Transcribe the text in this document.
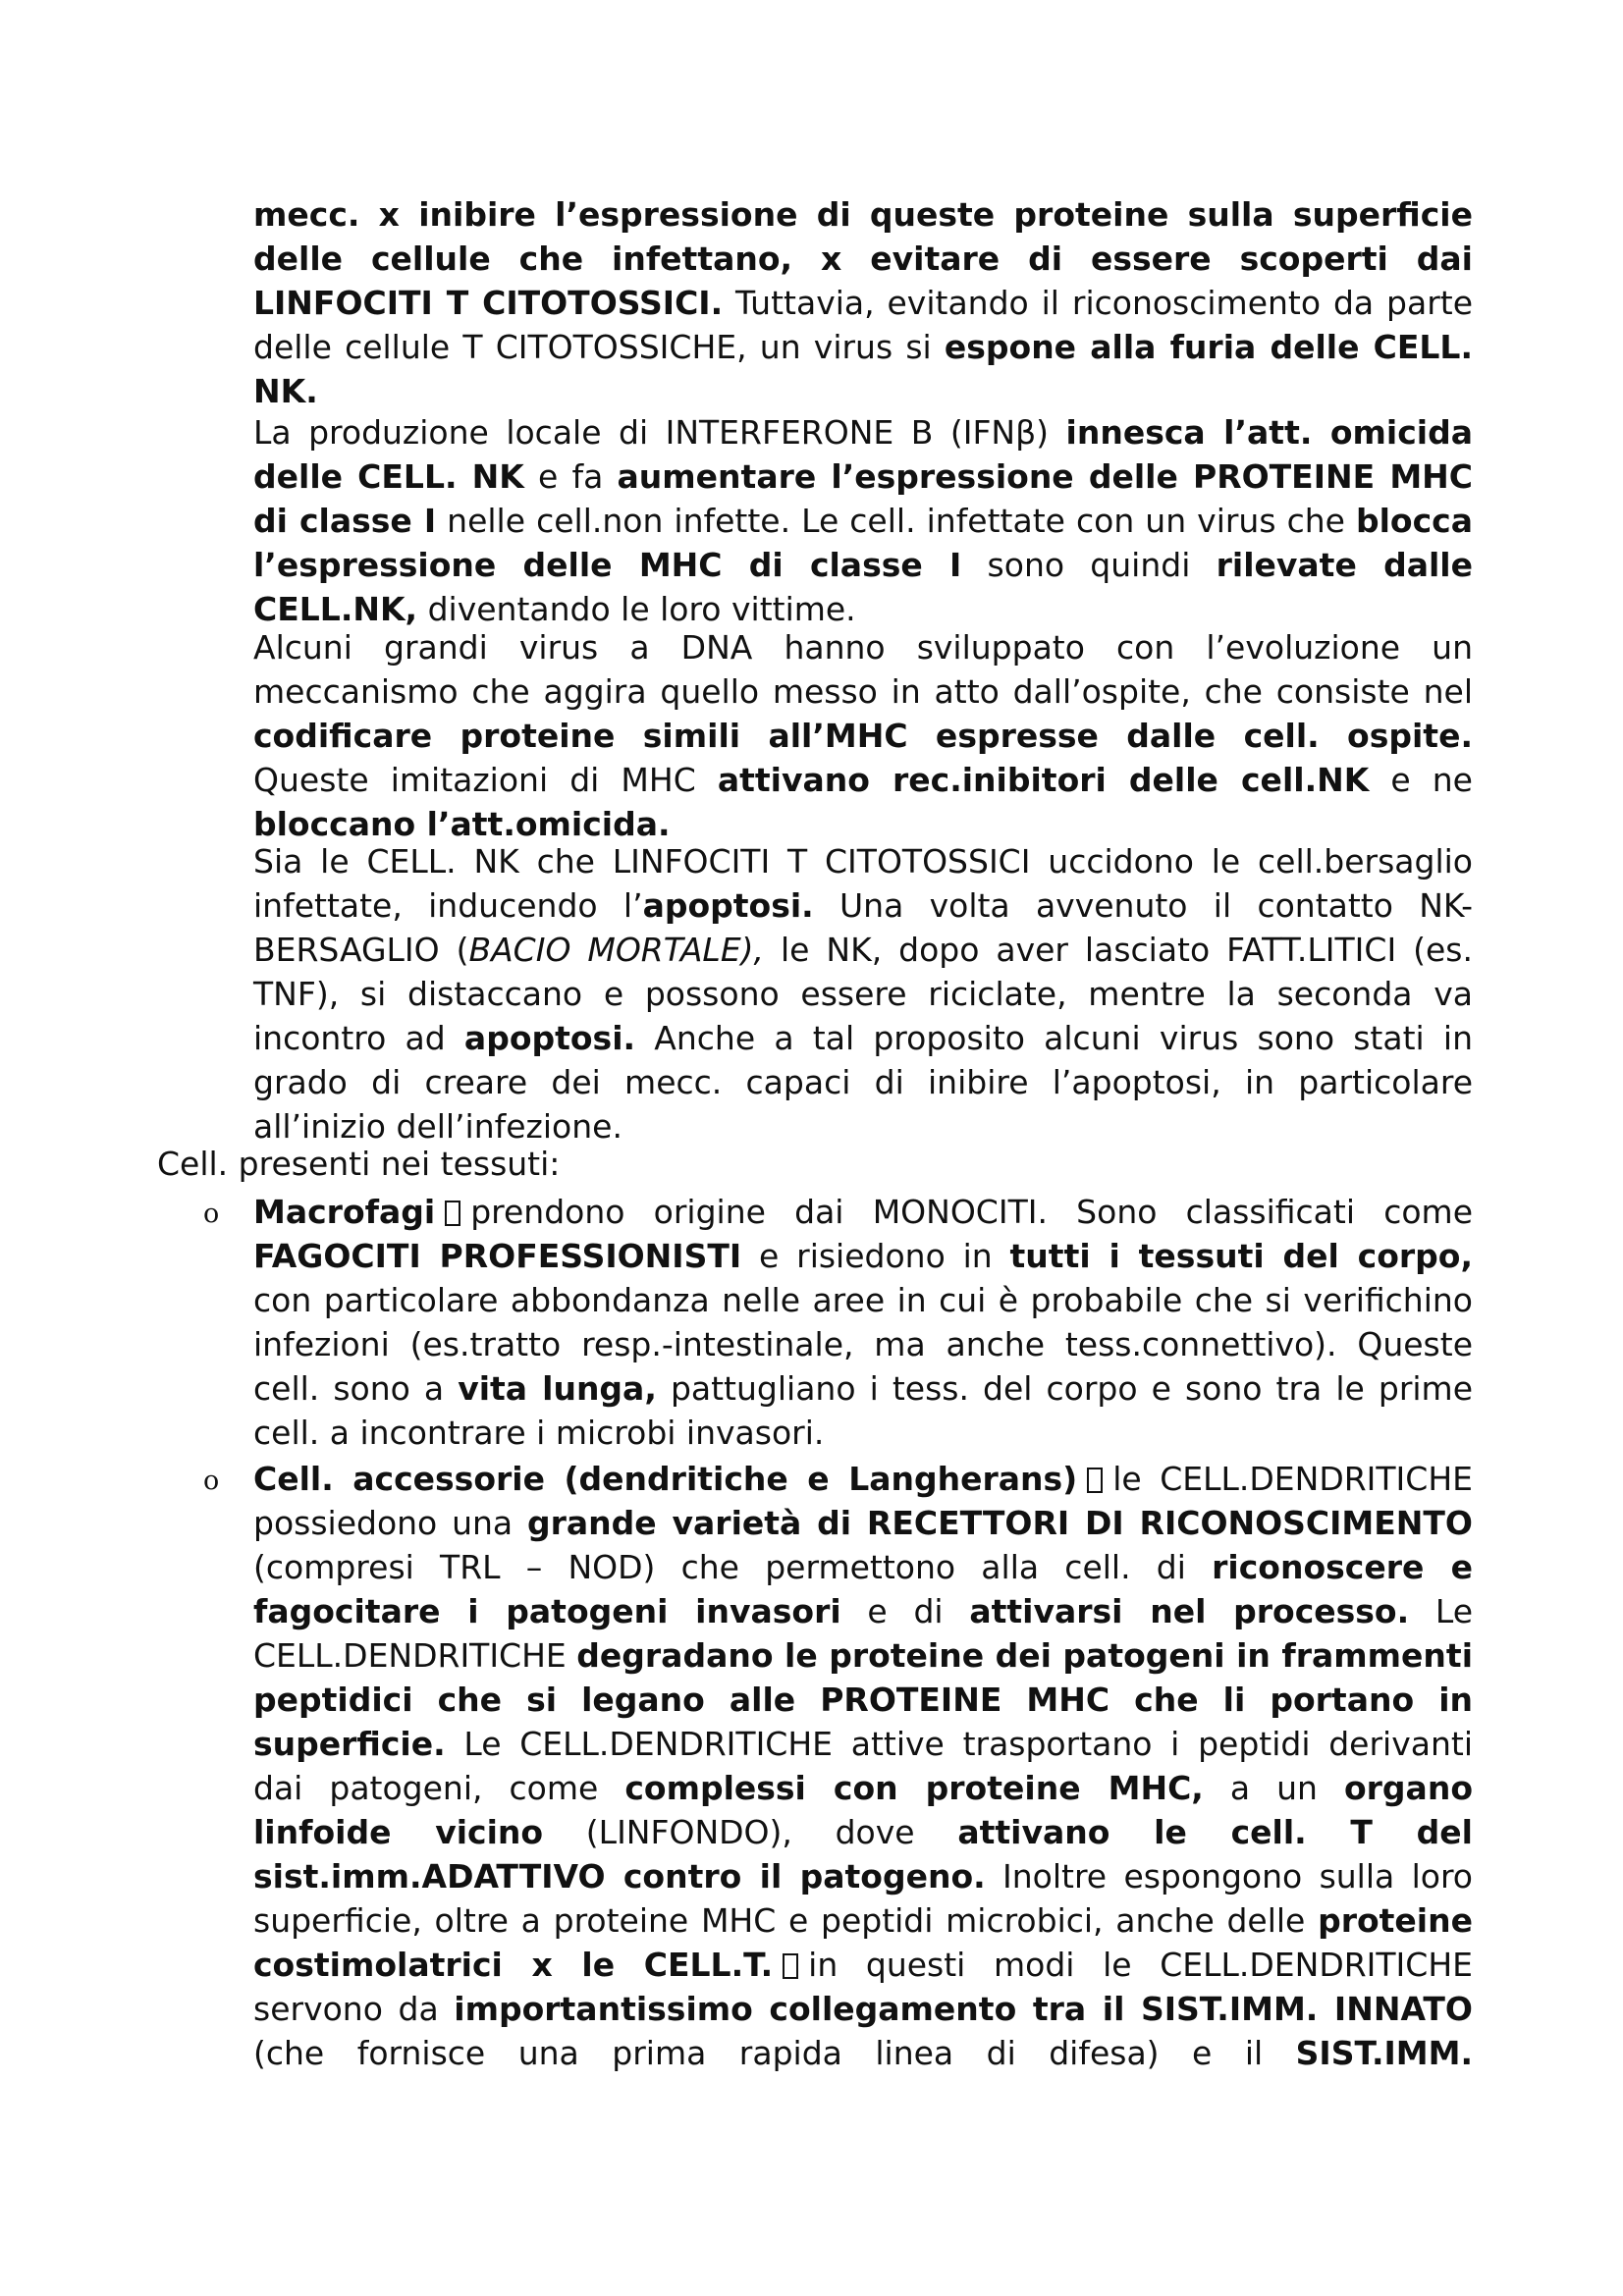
mecc. x inibire l’espressione di queste proteine sulla superficie delle cellule che infettano, x evitare di essere scoperti dai LINFOCITI T CITOTOSSICI. Tuttavia, evitando il riconoscimento da parte delle cellule T CITOTOSSICHE, un virus si espone alla furia delle CELL. NK.

La produzione locale di INTERFERONE B (IFNβ) innesca l’att. omicida delle CELL. NK e fa aumentare l’espressione delle PROTEINE MHC di classe I nelle cell.non infette. Le cell. infettate con un virus che blocca l’espressione delle MHC di classe I sono quindi rilevate dalle CELL.NK, diventando le loro vittime.

Alcuni grandi virus a DNA hanno sviluppato con l’evoluzione un meccanismo che aggira quello messo in atto dall’ospite, che consiste nel codificare proteine simili all’MHC espresse dalle cell. ospite. Queste imitazioni di MHC attivano rec.inibitori delle cell.NK e ne bloccano l’att.omicida.

Sia le CELL. NK che LINFOCITI T CITOTOSSICI uccidono le cell.bersaglio infettate, inducendo l’apoptosi. Una volta avvenuto il contatto NK-BERSAGLIO (BACIO MORTALE), le NK, dopo aver lasciato FATT.LITICI (es. TNF), si distaccano e possono essere riciclate, mentre la seconda va incontro ad apoptosi. Anche a tal proposito alcuni virus sono stati in grado di creare dei mecc. capaci di inibire l’apoptosi, in particolare all’inizio dell’infezione.

Cell. presenti nei tessuti:

o Macrofagi prendono origine dai MONOCITI. Sono classificati come FAGOCITI PROFESSIONISTI e risiedono in tutti i tessuti del corpo, con particolare abbondanza nelle aree in cui è probabile che si verifichino infezioni (es.tratto resp.-intestinale, ma anche tess.connettivo). Queste cell. sono a vita lunga, pattugliano i tess. del corpo e sono tra le prime cell. a incontrare i microbi invasori.

o Cell. accessorie (dendritiche e Langherans) le CELL.DENDRITICHE possiedono una grande varietà di RECETTORI DI RICONOSCIMENTO (compresi TRL – NOD) che permettono alla cell. di riconoscere e fagocitare i patogeni invasori e di attivarsi nel processo. Le CELL.DENDRITICHE degradano le proteine dei patogeni in frammenti peptidici che si legano alle PROTEINE MHC che li portano in superficie. Le CELL.DENDRITICHE attive trasportano i peptidi derivanti dai patogeni, come complessi con proteine MHC, a un organo linfoide vicino (LINFONDO), dove attivano le cell. T del sist.imm.ADATTIVO contro il patogeno. Inoltre espongono sulla loro superficie, oltre a proteine MHC e peptidi microbici, anche delle proteine costimolatrici x le CELL.T. in questi modi le CELL.DENDRITICHE servono da importantissimo collegamento tra il SIST.IMM. INNATO (che fornisce una prima rapida linea di difesa) e il SIST.IMM.
